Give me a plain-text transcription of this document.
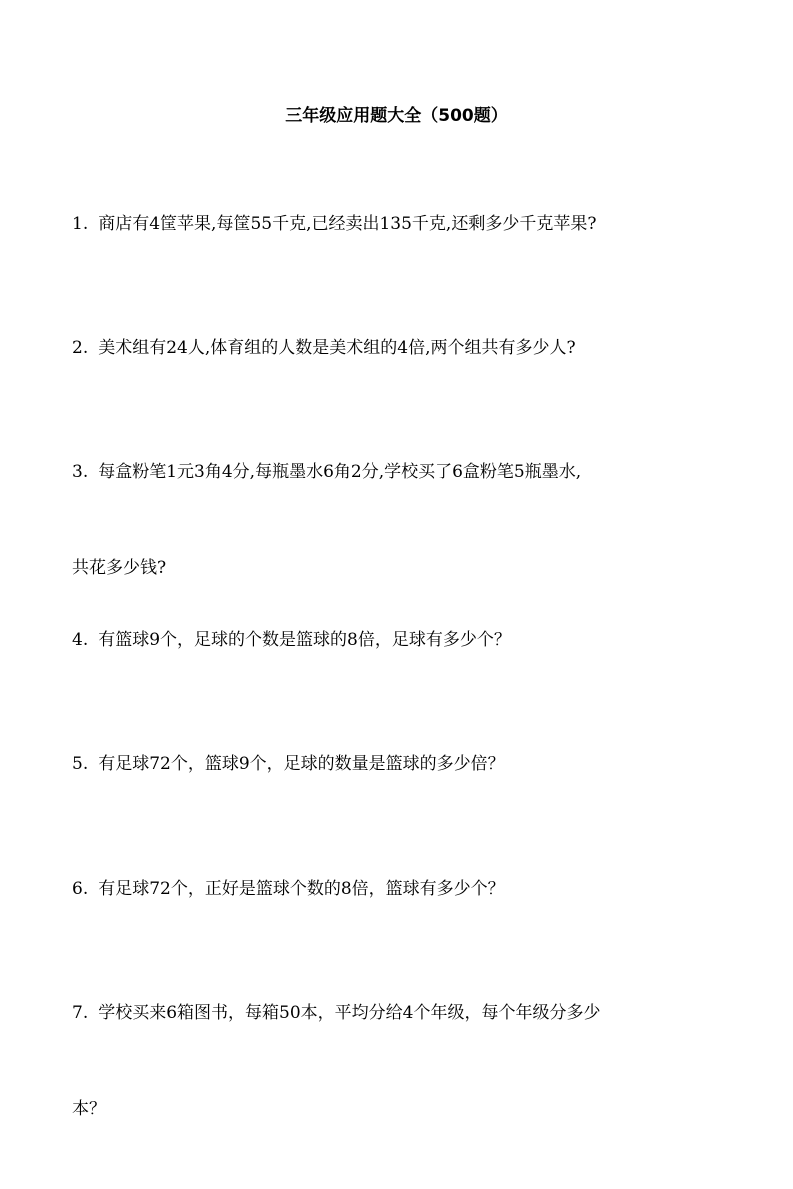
三年级应用题大全（500题）

1. 商店有4筐苹果,每筐55千克,已经卖出135千克,还剩多少千克苹果?

2. 美术组有24人,体育组的人数是美术组的4倍,两个组共有多少人?

3. 每盒粉笔1元3角4分,每瓶墨水6角2分,学校买了6盒粉笔5瓶墨水,

共花多少钱?

4. 有篮球9个，足球的个数是篮球的8倍，足球有多少个？

5. 有足球72个，篮球9个，足球的数量是篮球的多少倍？

6. 有足球72个，正好是篮球个数的8倍，篮球有多少个？

7. 学校买来6箱图书，每箱50本，平均分给4个年级，每个年级分多少

本？
